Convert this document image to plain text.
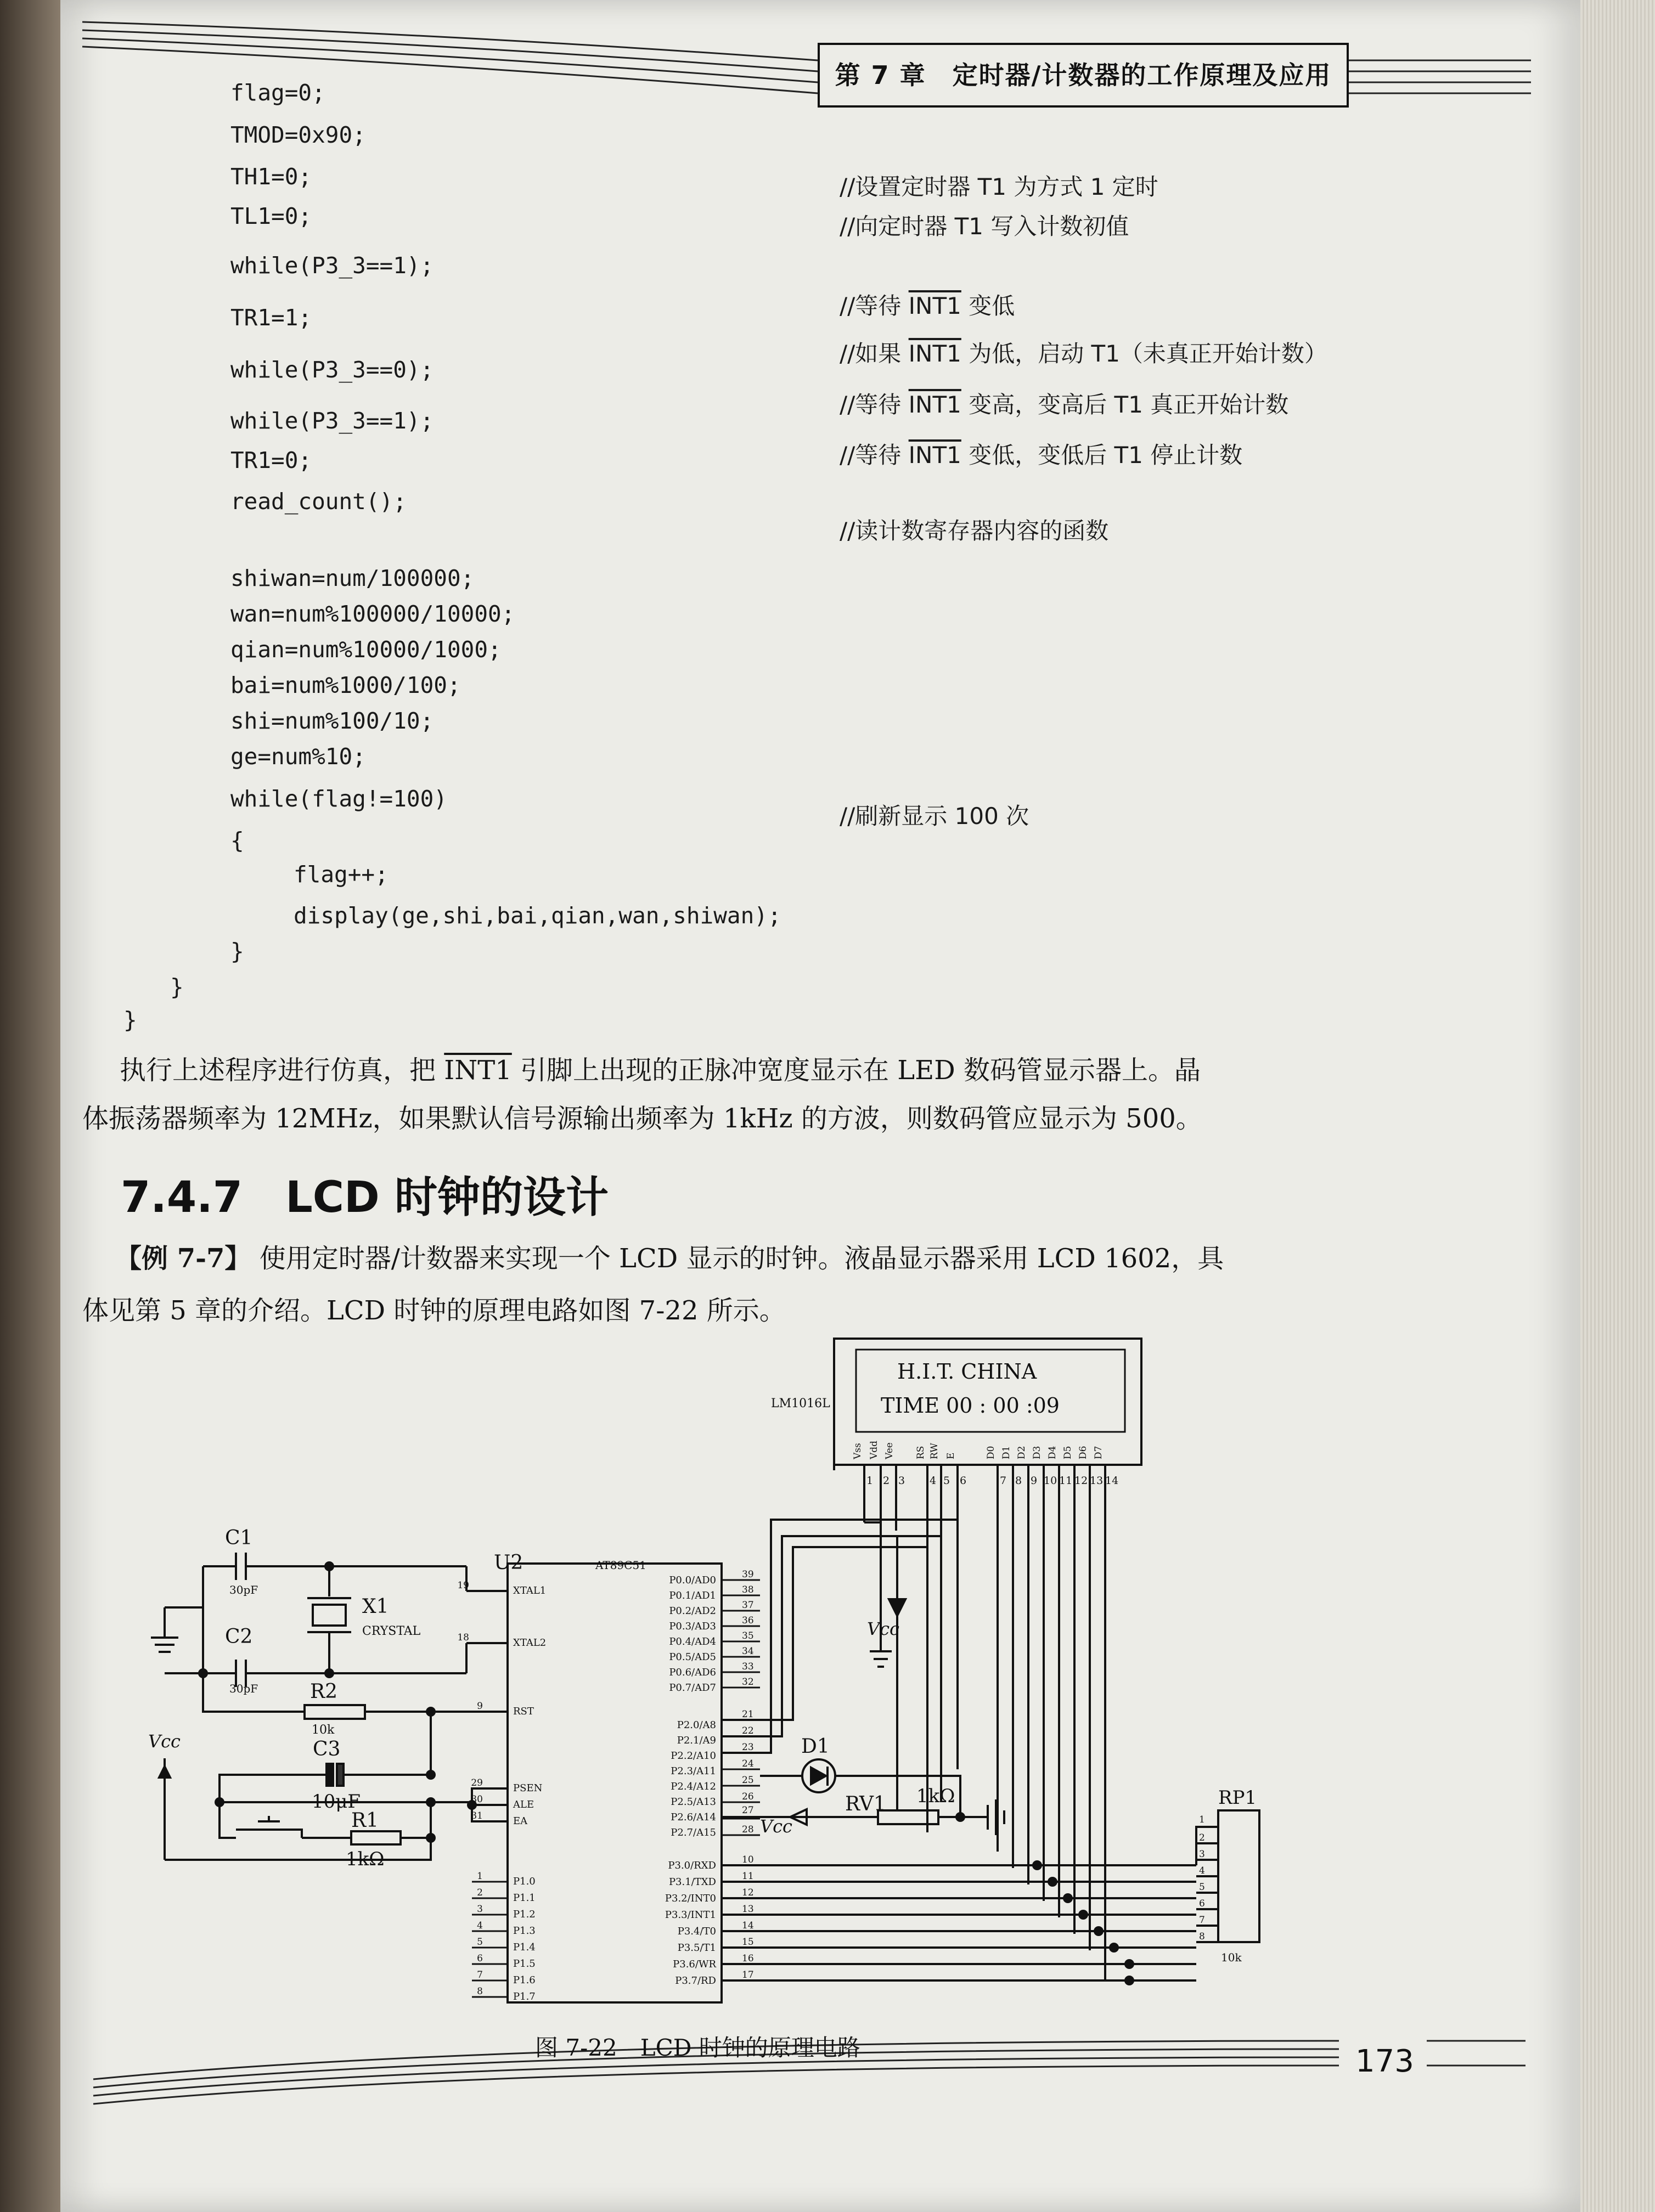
第 7 章　定时器/计数器的工作原理及应用
flag=0;
TMOD=0x90;
TH1=0;
TL1=0;
while(P3_3==1);
TR1=1;
while(P3_3==0);
while(P3_3==1);
TR1=0;
read_count();
shiwan=num/100000;
wan=num%100000/10000;
qian=num%10000/1000;
bai=num%1000/100;
shi=num%100/10;
ge=num%10;
while(flag!=100)
{
flag++;
display(ge,shi,bai,qian,wan,shiwan);
}
}
}
//设置定时器 T1 为方式 1 定时
//向定时器 T1 写入计数初值
//等待 INT1 变低
//如果 INT1 为低，启动 T1（未真正开始计数）
//等待 INT1 变高，变高后 T1 真正开始计数
//等待 INT1 变低，变低后 T1 停止计数
//读计数寄存器内容的函数
//刷新显示 100 次
执行上述程序进行仿真，把 INT1 引脚上出现的正脉冲宽度显示在 LED 数码管显示器上。晶
体振荡器频率为 12MHz，如果默认信号源输出频率为 1kHz 的方波，则数码管应显示为 500。
7.4.7　 LCD 时钟的设计
【例 7-7】 使用定时器/计数器来实现一个 LCD 显示的时钟。液晶显示器采用 LCD 1602，具
体见第 5 章的介绍。LCD 时钟的原理电路如图 7-22 所示。
H.I.T. CHINA
TIME 00 : 00 :09
LM1016L
Vss Vdd Vee RS RW E	D0 D1 D2 D3 D4 D5 D6 D7
1 2 3 4 5 6	7 8 9 10 11 12 13 14
U2	AT89C51
XTAL1
XTAL2
RST
PSEN
ALE
EA
P1.0
P1.1
P1.2
P1.3
P1.4
P1.5
P1.6
P1.7
19
18
9
29
30
31
1
2
3
4
5
6
7
8
P0.0/AD0
P0.1/AD1
P0.2/AD2
P0.3/AD3
P0.4/AD4
P0.5/AD5
P0.6/AD6
P0.7/AD7
P2.0/A8
P2.1/A9
P2.2/A10
P2.3/A11
P2.4/A12
P2.5/A13
P2.6/A14
P2.7/A15
P3.0/RXD
P3.1/TXD
P3.2/INT0
P3.3/INT1
P3.4/T0
P3.5/T1
P3.6/WR
P3.7/RD
39
38
37
36
35
34
33
32
21
22
23
24
25
26
27
28
10
11
12
13
14
15
16
17
C1
30pF
C2
30pF
X1
CRYSTAL
R2
10k
C3
10μF
R1
1kΩ
Vcc
Vcc
Vcc
D1
RV1 1kΩ	RP1
10k
1
2
3
4
5
6
7
8
图 7-22　LCD 时钟的原理电路	173
